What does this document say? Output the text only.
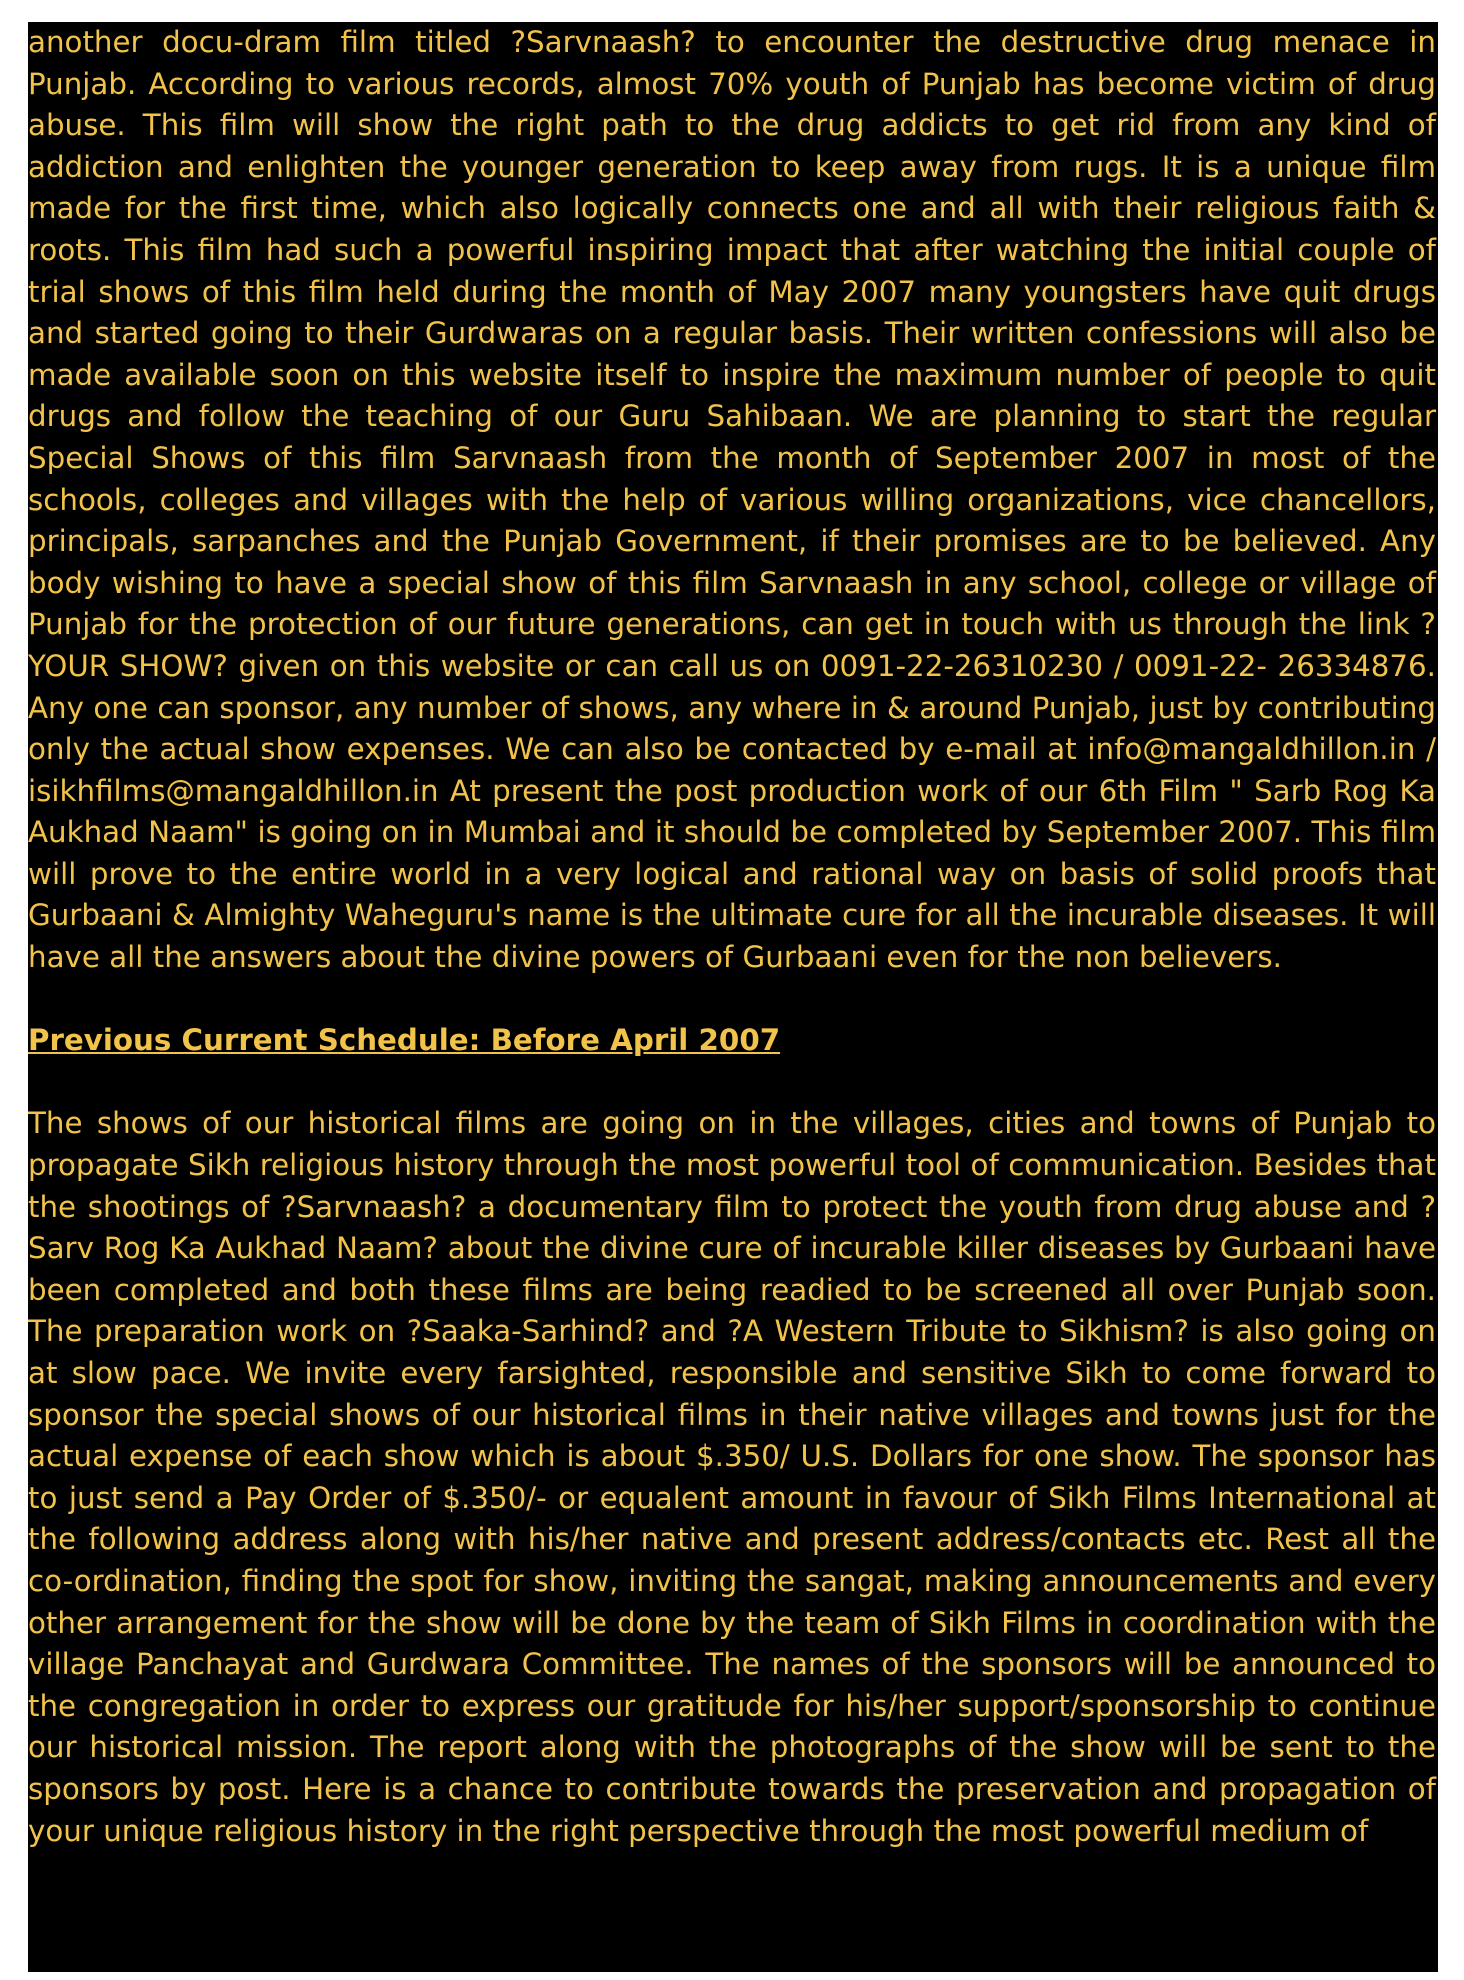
another docu-dram film titled ?Sarvnaash? to encounter the destructive drug menace in Punjab. According to various records, almost 70% youth of Punjab has become victim of drug abuse. This film will show the right path to the drug addicts to get rid from any kind of addiction and enlighten the younger generation to keep away from rugs. It is a unique film made for the first time, which also logically connects one and all with their religious faith & roots. This film had such a powerful inspiring impact that after watching the initial couple of trial shows of this film held during the month of May 2007 many youngsters have quit drugs and started going to their Gurdwaras on a regular basis. Their written confessions will also be made available soon on this website itself to inspire the maximum number of people to quit drugs and follow the teaching of our Guru Sahibaan. We are planning to start the regular Special Shows of this film Sarvnaash from the month of September 2007 in most of the schools, colleges and villages with the help of various willing organizations, vice chancellors, principals, sarpanches and the Punjab Government, if their promises are to be believed. Any body wishing to have a special show of this film Sarvnaash in any school, college or village of Punjab for the protection of our future generations, can get in touch with us through the link ?YOUR SHOW? given on this website or can call us on 0091-22-26310230 / 0091-22- 26334876. Any one can sponsor, any number of shows, any where in & around Punjab, just by contributing only the actual show expenses. We can also be contacted by e-mail at info@mangaldhillon.in / isikhfilms@mangaldhillon.in At present the post production work of our 6th Film " Sarb Rog Ka Aukhad Naam" is going on in Mumbai and it should be completed by September 2007. This film will prove to the entire world in a very logical and rational way on basis of solid proofs that Gurbaani & Almighty Waheguru's name is the ultimate cure for all the incurable diseases. It will have all the answers about the divine powers of Gurbaani even for the non believers.

Previous Current Schedule: Before April 2007

The shows of our historical films are going on in the villages, cities and towns of Punjab to propagate Sikh religious history through the most powerful tool of communication. Besides that the shootings of ?Sarvnaash? a documentary film to protect the youth from drug abuse and ?Sarv Rog Ka Aukhad Naam? about the divine cure of incurable killer diseases by Gurbaani have been completed and both these films are being readied to be screened all over Punjab soon. The preparation work on ?Saaka-Sarhind? and ?A Western Tribute to Sikhism? is also going on at slow pace. We invite every farsighted, responsible and sensitive Sikh to come forward to sponsor the special shows of our historical films in their native villages and towns just for the actual expense of each show which is about $.350/ U.S. Dollars for one show. The sponsor has to just send a Pay Order of $.350/- or equalent amount in favour of Sikh Films International at the following address along with his/her native and present address/contacts etc. Rest all the co-ordination, finding the spot for show, inviting the sangat, making announcements and every other arrangement for the show will be done by the team of Sikh Films in coordination with the village Panchayat and Gurdwara Committee. The names of the sponsors will be announced to the congregation in order to express our gratitude for his/her support/sponsorship to continue our historical mission. The report along with the photographs of the show will be sent to the sponsors by post. Here is a chance to contribute towards the preservation and propagation of your unique religious history in the right perspective through the most powerful medium of
